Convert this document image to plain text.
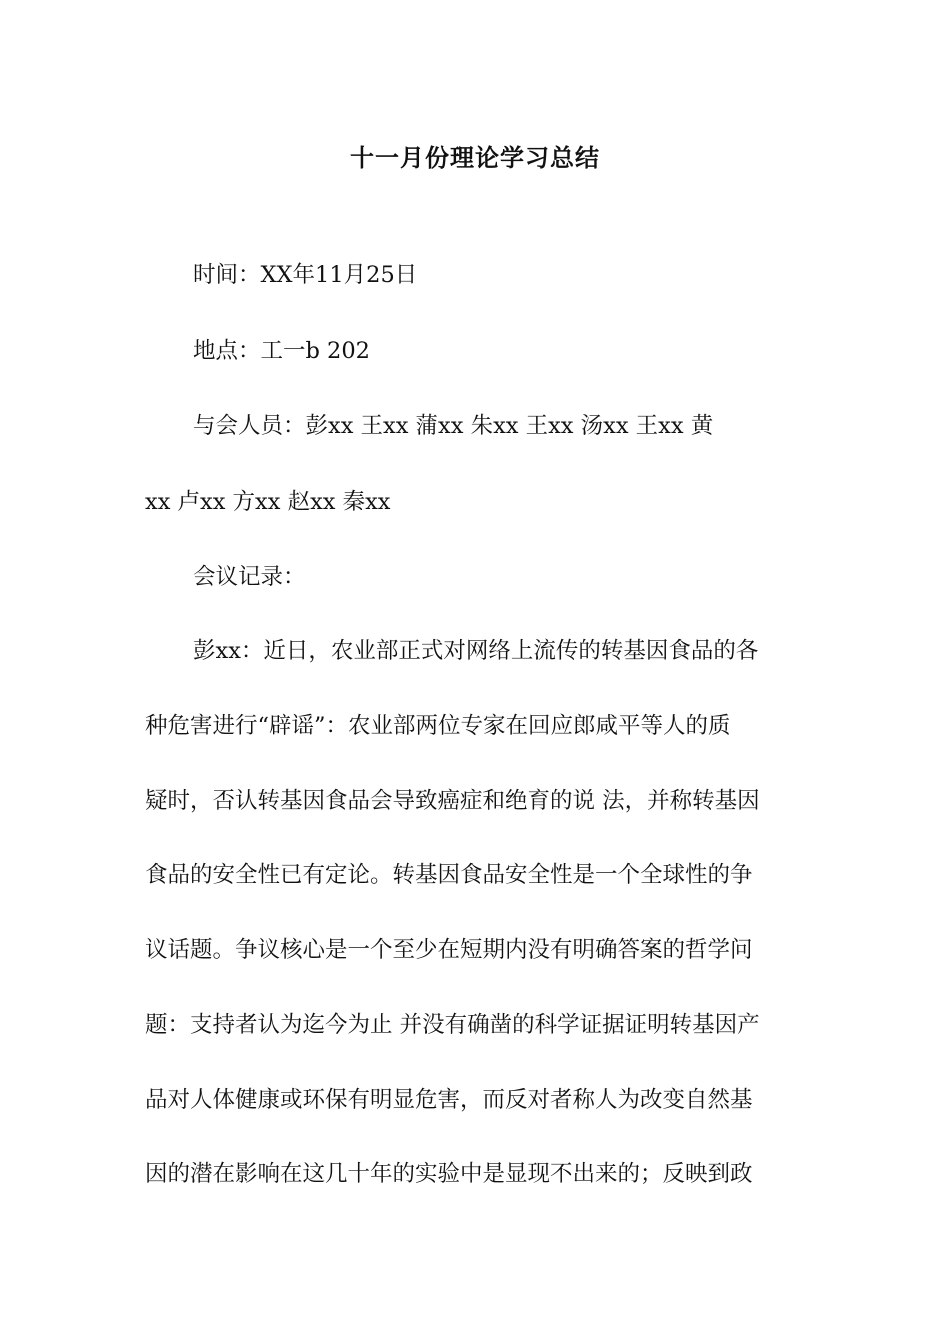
十一月份理论学习总结
时间：XX年11月25日
地点：工一b 202
与会人员：彭xx 王xx 蒲xx 朱xx 王xx 汤xx 王xx 黄
xx 卢xx 方xx 赵xx 秦xx
会议记录：
彭xx：近日，农业部正式对网络上流传的转基因食品的各
种危害进行“辟谣”：农业部两位专家在回应郎咸平等人的质
疑时，否认转基因食品会导致癌症和绝育的说 法，并称转基因
食品的安全性已有定论。转基因食品安全性是一个全球性的争
议话题。争议核心是一个至少在短期内没有明确答案的哲学问
题：支持者认为迄今为止 并没有确凿的科学证据证明转基因产
品对人体健康或环保有明显危害，而反对者称人为改变自然基
因的潜在影响在这几十年的实验中是显现不出来的；反映到政
